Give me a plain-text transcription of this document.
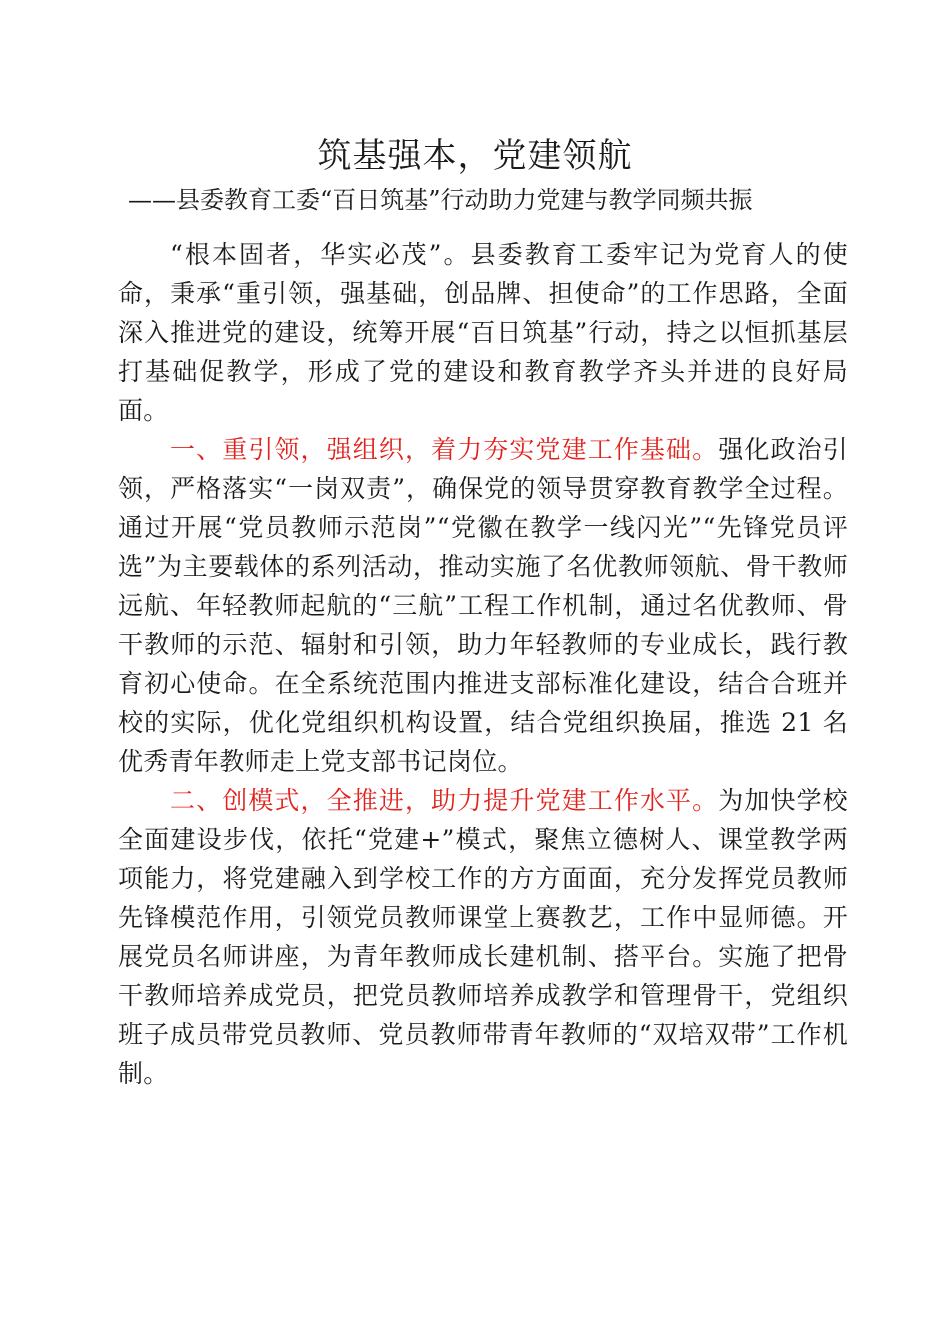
筑基强本，党建领航

——县委教育工委“百日筑基”行动助力党建与教学同频共振

“根本固者，华实必茂”。县委教育工委牢记为党育人的使命，秉承“重引领，强基础，创品牌、担使命”的工作思路，全面深入推进党的建设，统筹开展“百日筑基”行动，持之以恒抓基层打基础促教学，形成了党的建设和教育教学齐头并进的良好局面。

一、重引领，强组织，着力夯实党建工作基础。强化政治引领，严格落实“一岗双责”，确保党的领导贯穿教育教学全过程。通过开展“党员教师示范岗”“党徽在教学一线闪光”“先锋党员评选”为主要载体的系列活动，推动实施了名优教师领航、骨干教师远航、年轻教师起航的“三航”工程工作机制，通过名优教师、骨干教师的示范、辐射和引领，助力年轻教师的专业成长，践行教育初心使命。在全系统范围内推进支部标准化建设，结合合班并校的实际，优化党组织机构设置，结合党组织换届，推选 21 名优秀青年教师走上党支部书记岗位。

二、创模式，全推进，助力提升党建工作水平。为加快学校全面建设步伐，依托“党建+”模式，聚焦立德树人、课堂教学两项能力，将党建融入到学校工作的方方面面，充分发挥党员教师先锋模范作用，引领党员教师课堂上赛教艺，工作中显师德。开展党员名师讲座，为青年教师成长建机制、搭平台。实施了把骨干教师培养成党员，把党员教师培养成教学和管理骨干，党组织班子成员带党员教师、党员教师带青年教师的“双培双带”工作机制。
